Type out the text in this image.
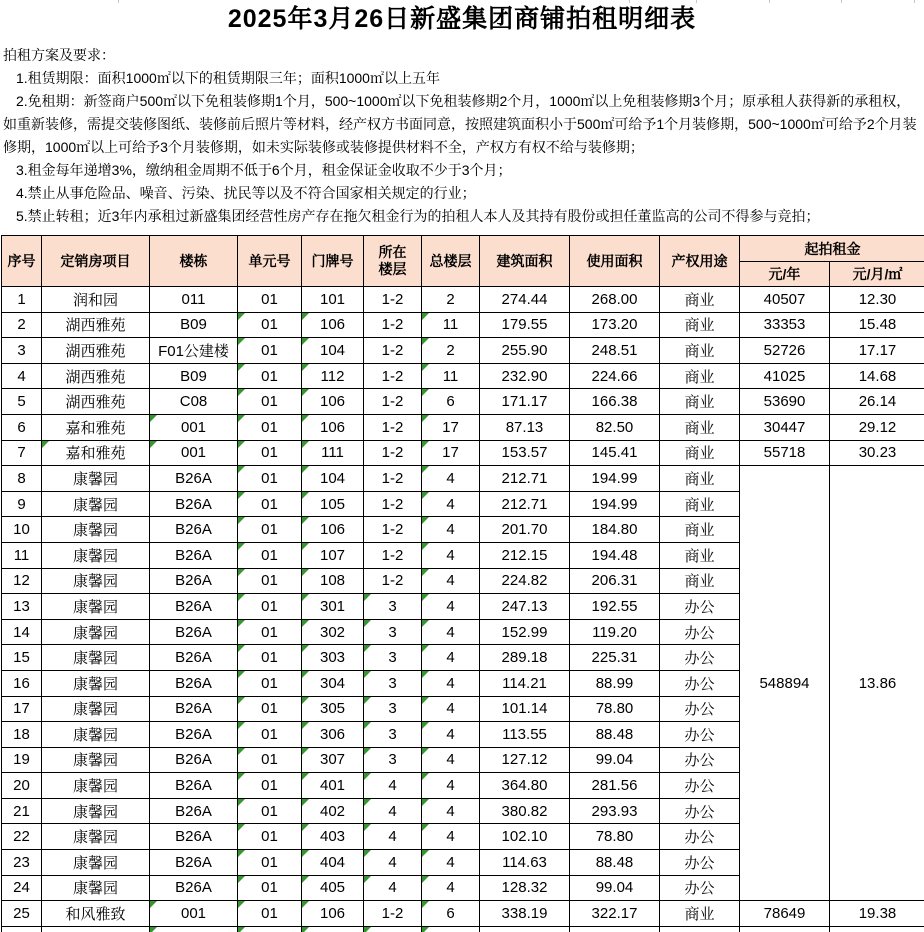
2025年3月26日新盛集团商铺拍租明细表

拍租方案及要求：

1.租赁期限：面积1000㎡以下的租赁期限三年；面积1000㎡以上五年

2.免租期：新签商户500㎡以下免租装修期1个月，500~1000㎡以下免租装修期2个月，1000㎡以上免租装修期3个月；原承租人获得新的承租权，如重新装修，需提交装修图纸、装修前后照片等材料，经产权方书面同意，按照建筑面积小于500㎡可给予1个月装修期，500~1000㎡可给予2个月装修期，1000㎡以上可给予3个月装修期，如未实际装修或装修提供材料不全，产权方有权不给与装修期；

3.租金每年递增3%，缴纳租金周期不低于6个月，租金保证金收取不少于3个月；

4.禁止从事危险品、噪音、污染、扰民等以及不符合国家相关规定的行业；

5.禁止转租；近3年内承租过新盛集团经营性房产存在拖欠租金行为的拍租人本人及其持有股份或担任董监高的公司不得参与竞拍；

序号	定销房项目	楼栋	单元号	门牌号	所在楼层	总楼层	建筑面积	使用面积	产权用途	起拍租金	
										元/年	元/月/㎡
1	润和园	011	01	101	1-2	2	274.44	268.00	商业	40507	12.30
2	湖西雅苑	B09	01	106	1-2	11	179.55	173.20	商业	33353	15.48
3	湖西雅苑	F01公建楼	01	104	1-2	2	255.90	248.51	商业	52726	17.17
4	湖西雅苑	B09	01	112	1-2	11	232.90	224.66	商业	41025	14.68
5	湖西雅苑	C08	01	106	1-2	6	171.17	166.38	商业	53690	26.14
6	嘉和雅苑	001	01	106	1-2	17	87.13	82.50	商业	30447	29.12
7	嘉和雅苑	001	01	111	1-2	17	153.57	145.41	商业	55718	30.23
8	康馨园	B26A	01	104	1-2	4	212.71	194.99	商业	548894	13.86
9	康馨园	B26A	01	105	1-2	4	212.71	194.99	商业		
10	康馨园	B26A	01	106	1-2	4	201.70	184.80	商业		
11	康馨园	B26A	01	107	1-2	4	212.15	194.48	商业		
12	康馨园	B26A	01	108	1-2	4	224.82	206.31	商业		
13	康馨园	B26A	01	301	3	4	247.13	192.55	办公		
14	康馨园	B26A	01	302	3	4	152.99	119.20	办公		
15	康馨园	B26A	01	303	3	4	289.18	225.31	办公		
16	康馨园	B26A	01	304	3	4	114.21	88.99	办公		
17	康馨园	B26A	01	305	3	4	101.14	78.80	办公		
18	康馨园	B26A	01	306	3	4	113.55	88.48	办公		
19	康馨园	B26A	01	307	3	4	127.12	99.04	办公		
20	康馨园	B26A	01	401	4	4	364.80	281.56	办公		
21	康馨园	B26A	01	402	4	4	380.82	293.93	办公		
22	康馨园	B26A	01	403	4	4	102.10	78.80	办公		
23	康馨园	B26A	01	404	4	4	114.63	88.48	办公		
24	康馨园	B26A	01	405	4	4	128.32	99.04	办公		
25	和风雅致	001	01	106	1-2	6	338.19	322.17	商业	78649	19.38
